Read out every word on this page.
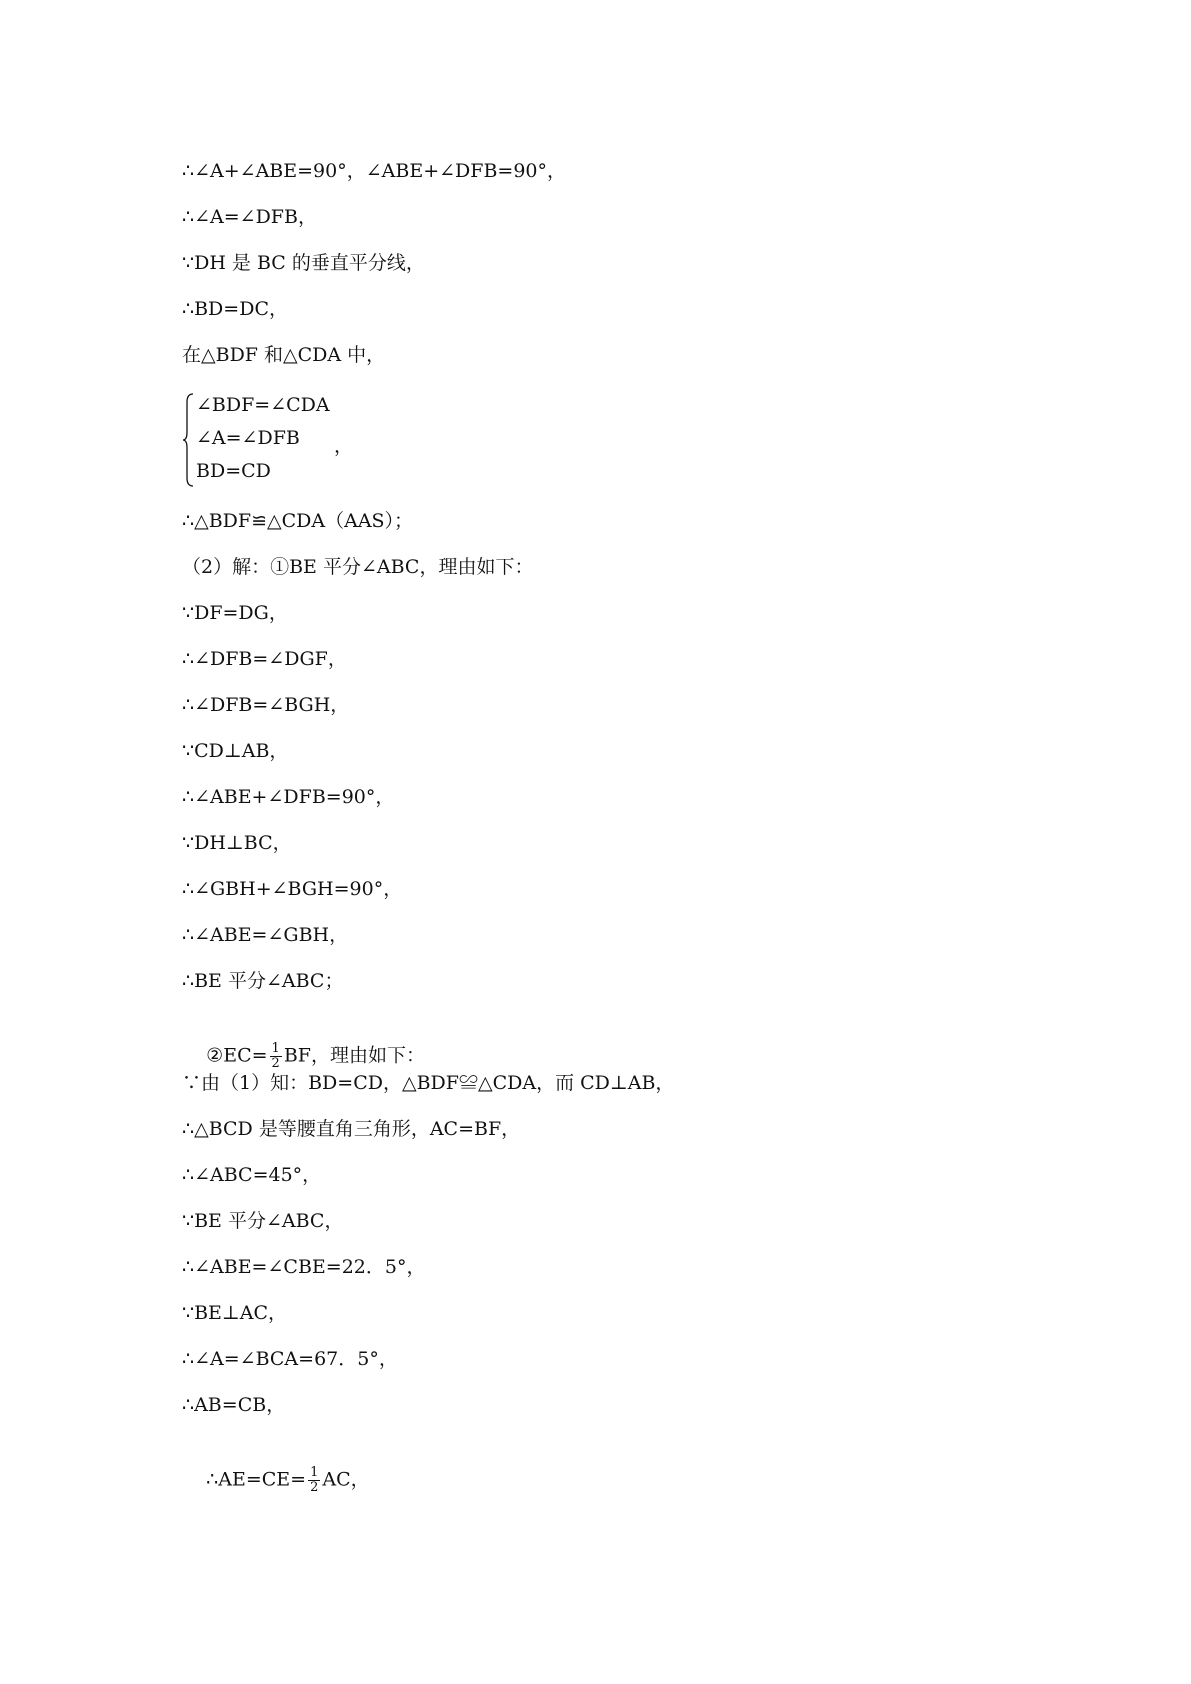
∴∠A+∠ABE=90°，∠ABE+∠DFB=90°，
∴∠A=∠DFB，
∵DH 是 BC 的垂直平分线，
∴BD=DC，
在△BDF 和△CDA 中，
∠BDF=∠CDA
∠A=∠DFB
BD=CD
，
∴△BDF≌△CDA（AAS）；
（2）解：①BE 平分∠ABC，理由如下：
∵DF=DG，
∴∠DFB=∠DGF，
∴∠DFB=∠BGH，
∵CD⊥AB，
∴∠ABE+∠DFB=90°，
∵DH⊥BC，
∴∠GBH+∠BGH=90°，
∴∠ABE=∠GBH，
∴BE 平分∠ABC；

②EC= $\frac{1}{2}$ BF，理由如下：

∵由（1）知：BD=CD，△BDF≌△CDA，而 CD⊥AB，
∴△BCD 是等腰直角三角形，AC=BF，
∴∠ABC=45°，
∵BE 平分∠ABC，
∴∠ABE=∠CBE=22．5°，
∵BE⊥AC，
∴∠A=∠BCA=67．5°，
∴AB=CB，

∴AE=CE= $\frac{1}{2}$ AC，
